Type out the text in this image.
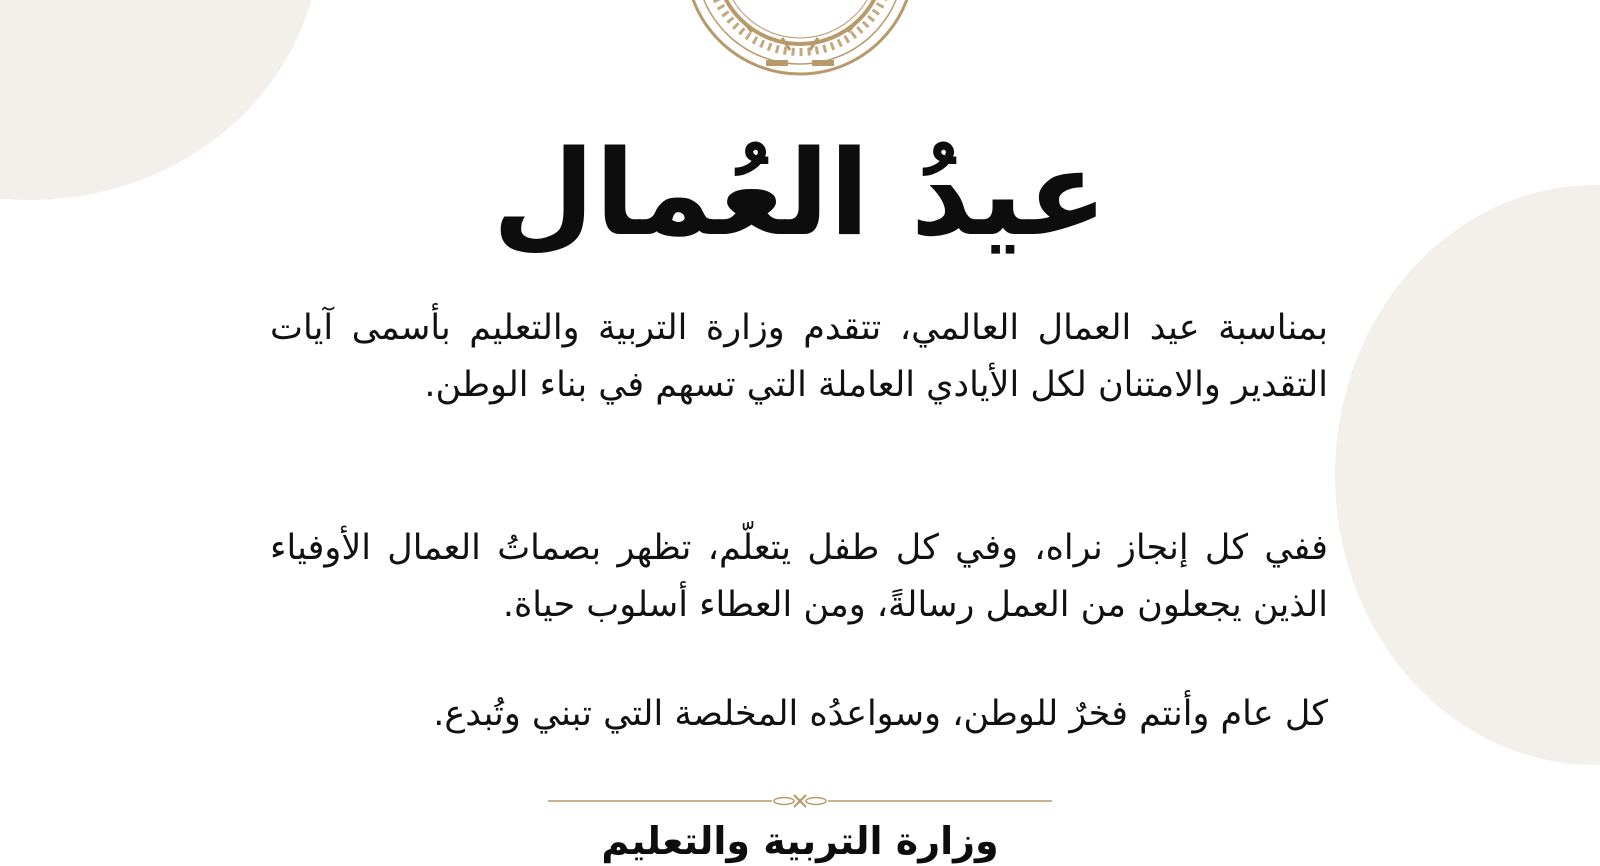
عيدُ العُمال
بمناسبة عيد العمال العالمي، تتقدم وزارة التربية والتعليم بأسمى آيات التقدير والامتنان لكل الأيادي العاملة التي تسهم في بناء الوطن.
ففي كل إنجاز نراه، وفي كل طفل يتعلّم، تظهر بصماتُ العمال الأوفياء الذين يجعلون من العمل رسالةً، ومن العطاء أسلوب حياة.
كل عام وأنتم فخرٌ للوطن، وسواعدُه المخلصة التي تبني وتُبدع.
وزارة التربية والتعليم
